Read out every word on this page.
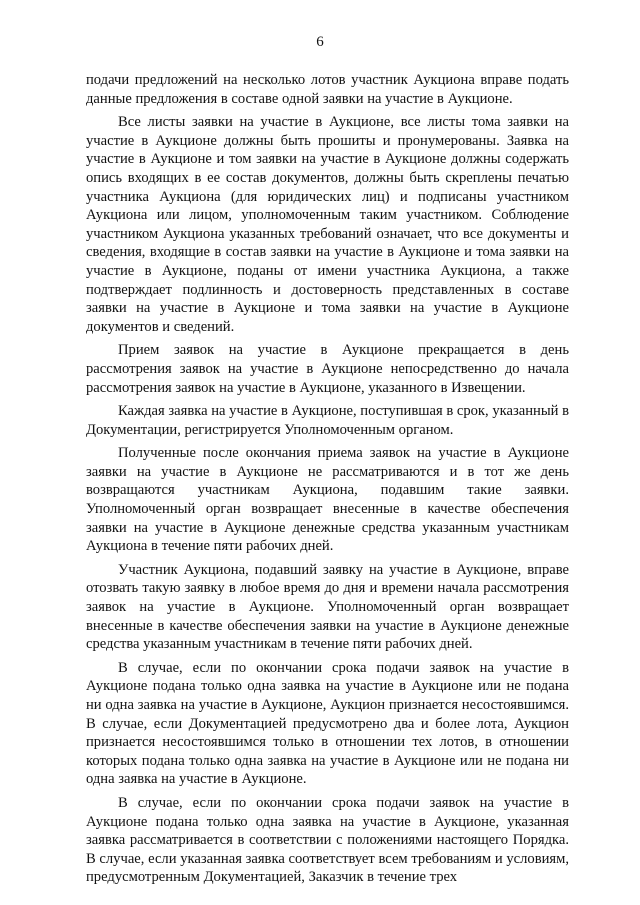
6

подачи предложений на несколько лотов участник Аукциона вправе подать данные предложения в составе одной заявки на участие в Аукционе.

Все листы заявки на участие в Аукционе, все листы тома заявки на участие в Аукционе должны быть прошиты и пронумерованы. Заявка на участие в Аукционе и том заявки на участие в Аукционе должны содержать опись входящих в ее состав документов, должны быть скреплены печатью участника Аукциона (для юридических лиц) и подписаны участником Аукциона или лицом, уполномоченным таким участником. Соблюдение участником Аукциона указанных требований означает, что все документы и сведения, входящие в состав заявки на участие в Аукционе и тома заявки на участие в Аукционе, поданы от имени участника Аукциона, а также подтверждает подлинность и достоверность представленных в составе заявки на участие в Аукционе и тома заявки на участие в Аукционе документов и сведений.

Прием заявок на участие в Аукционе прекращается в день рассмотрения заявок на участие в Аукционе непосредственно до начала рассмотрения заявок на участие в Аукционе, указанного в Извещении.

Каждая заявка на участие в Аукционе, поступившая в срок, указанный в Документации, регистрируется Уполномоченным органом.

Полученные после окончания приема заявок на участие в Аукционе заявки на участие в Аукционе не рассматриваются и в тот же день возвращаются участникам Аукциона, подавшим такие заявки. Уполномоченный орган возвращает внесенные в качестве обеспечения заявки на участие в Аукционе денежные средства указанным участникам Аукциона в течение пяти рабочих дней.

Участник Аукциона, подавший заявку на участие в Аукционе, вправе отозвать такую заявку в любое время до дня и времени начала рассмотрения заявок на участие в Аукционе. Уполномоченный орган возвращает внесенные в качестве обеспечения заявки на участие в Аукционе денежные средства указанным участникам в течение пяти рабочих дней.

В случае, если по окончании срока подачи заявок на участие в Аукционе подана только одна заявка на участие в Аукционе или не подана ни одна заявка на участие в Аукционе, Аукцион признается несостоявшимся. В случае, если Документацией предусмотрено два и более лота, Аукцион признается несостоявшимся только в отношении тех лотов, в отношении которых подана только одна заявка на участие в Аукционе или не подана ни одна заявка на участие в Аукционе.

В случае, если по окончании срока подачи заявок на участие в Аукционе подана только одна заявка на участие в Аукционе, указанная заявка рассматривается в соответствии с положениями настоящего Порядка. В случае, если указанная заявка соответствует всем требованиям и условиям, предусмотренным Документацией, Заказчик в течение трех
